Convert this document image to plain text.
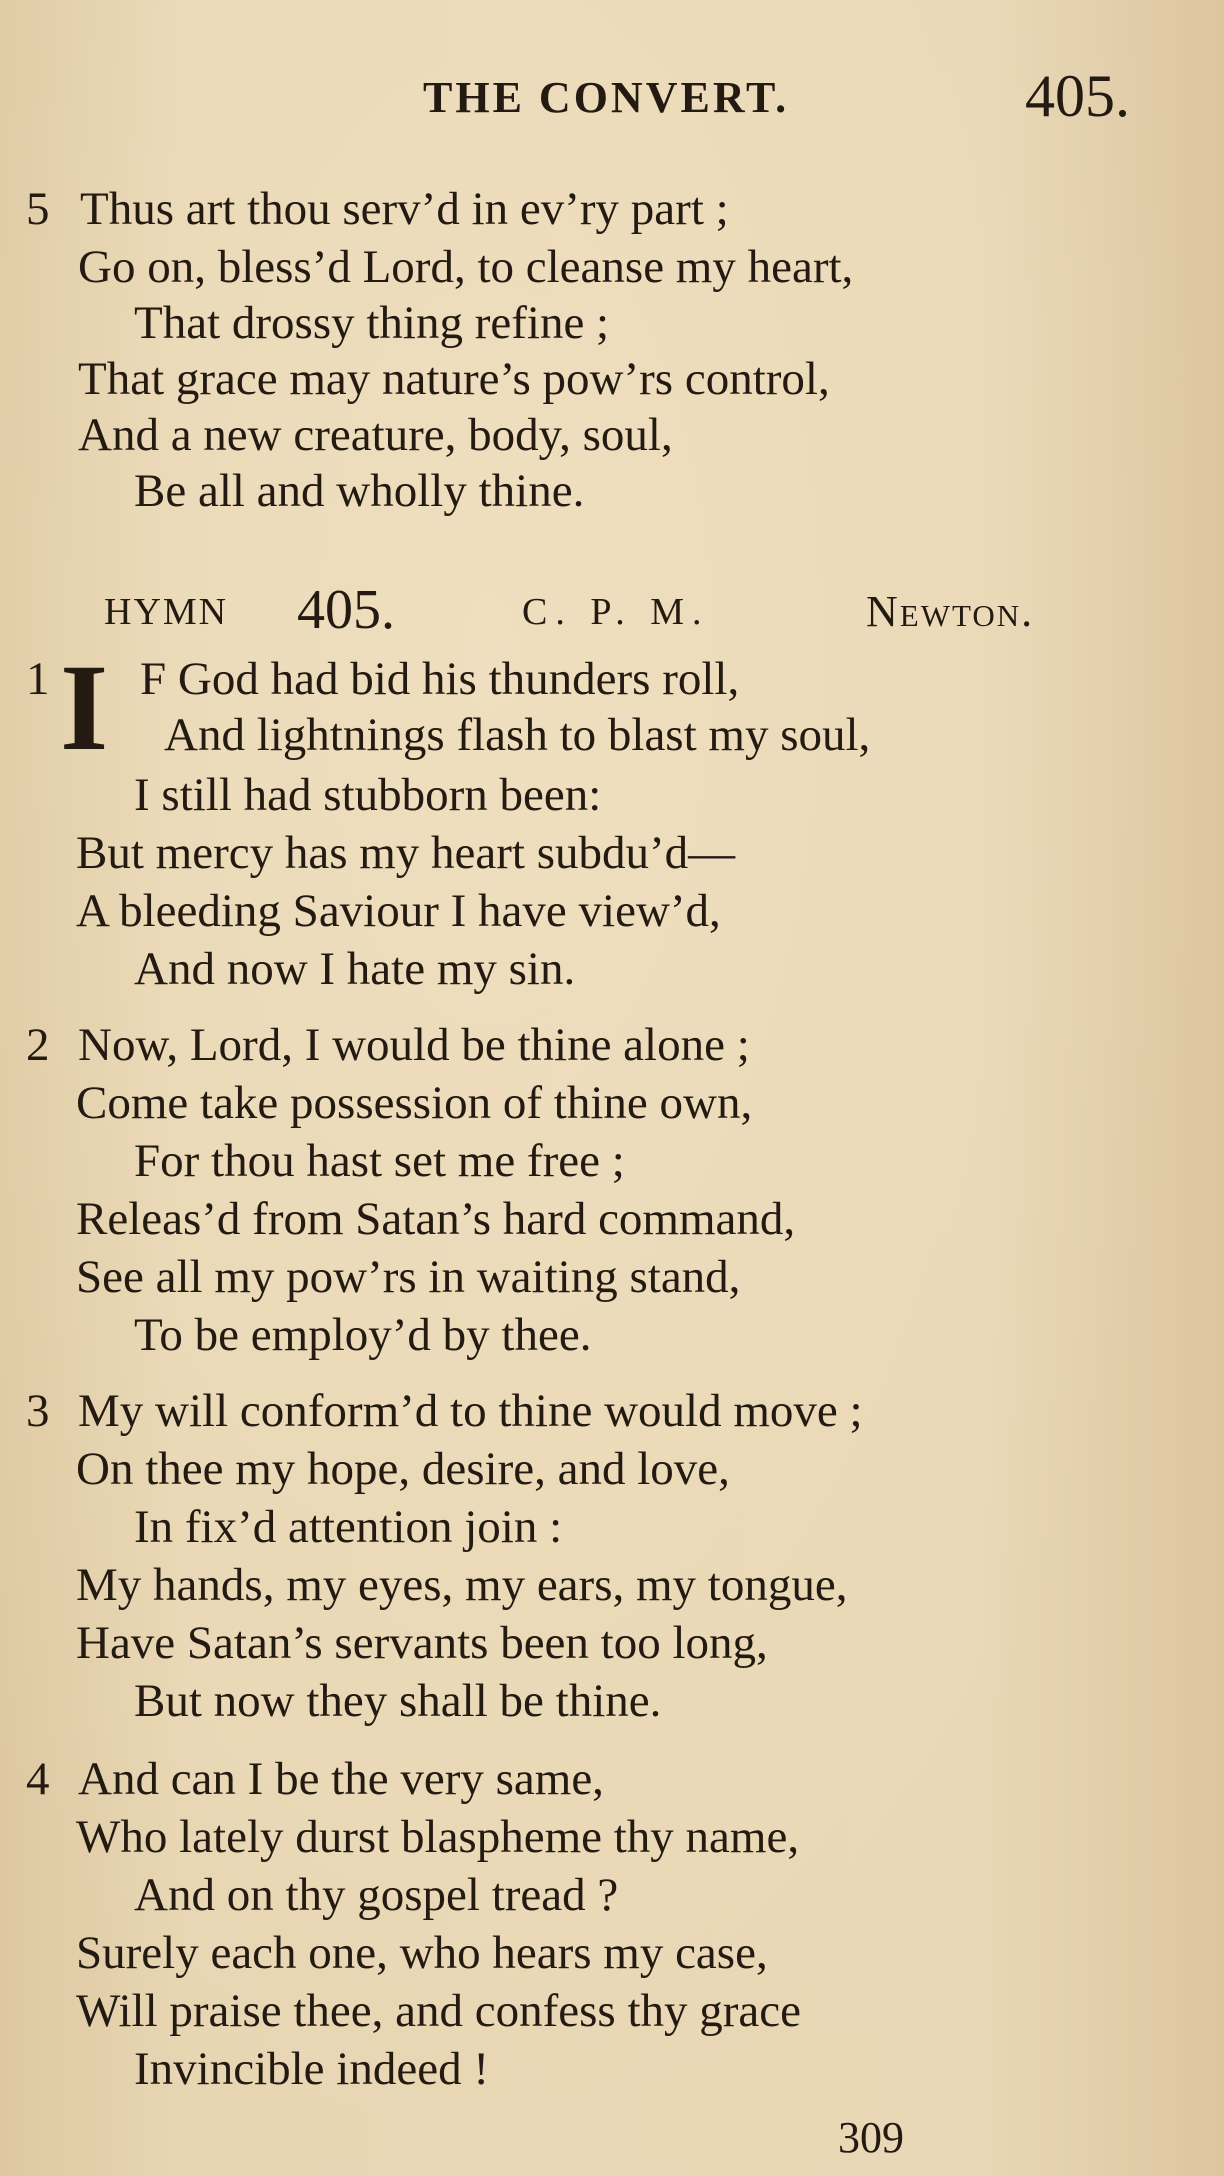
THE CONVERT.	405.
5 Thus art thou serv’d in ev’ry part ;
Go on, bless’d Lord, to cleanse my heart,
That drossy thing refine ;
That grace may nature’s pow’rs control,
And a new creature, body, soul,
Be all and wholly thine.
HYMN 405.	C. P. M.	Newton.
1 I F God had bid his thunders roll,
And lightnings flash to blast my soul,
I still had stubborn been:
But mercy has my heart subdu’d—
A bleeding Saviour I have view’d,
And now I hate my sin.
2 Now, Lord, I would be thine alone ;
Come take possession of thine own,
For thou hast set me free ;
Releas’d from Satan’s hard command,
See all my pow’rs in waiting stand,
To be employ’d by thee.
3 My will conform’d to thine would move ;
On thee my hope, desire, and love,
In fix’d attention join :
My hands, my eyes, my ears, my tongue,
Have Satan’s servants been too long,
But now they shall be thine.
4 And can I be the very same,
Who lately durst blaspheme thy name,
And on thy gospel tread ?
Surely each one, who hears my case,
Will praise thee, and confess thy grace
Invincible indeed !
309
